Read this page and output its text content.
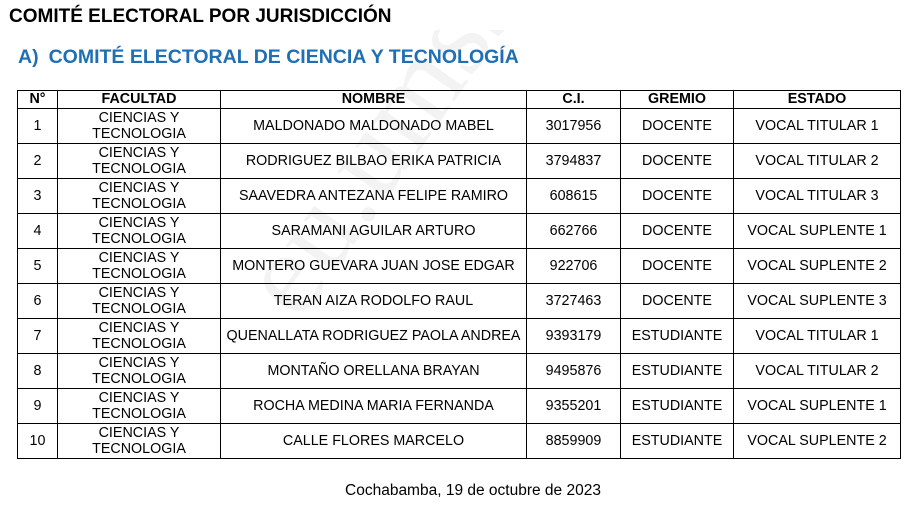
COMITÉ ELECTORAL POR JURISDICCIÓN
A) COMITÉ ELECTORAL DE CIENCIA Y TECNOLOGÍA
N°	FACULTAD	NOMBRE	C.I.	GREMIO	ESTADO
1	CIENCIAS Y TECNOLOGIA	MALDONADO MALDONADO MABEL	3017956	DOCENTE	VOCAL TITULAR 1
2	CIENCIAS Y TECNOLOGIA	RODRIGUEZ BILBAO ERIKA PATRICIA	3794837	DOCENTE	VOCAL TITULAR 2
3	CIENCIAS Y TECNOLOGIA	SAAVEDRA ANTEZANA FELIPE RAMIRO	608615	DOCENTE	VOCAL TITULAR 3
4	CIENCIAS Y TECNOLOGIA	SARAMANI AGUILAR ARTURO	662766	DOCENTE	VOCAL SUPLENTE 1
5	CIENCIAS Y TECNOLOGIA	MONTERO GUEVARA JUAN JOSE EDGAR	922706	DOCENTE	VOCAL SUPLENTE 2
6	CIENCIAS Y TECNOLOGIA	TERAN AIZA RODOLFO RAUL	3727463	DOCENTE	VOCAL SUPLENTE 3
7	CIENCIAS Y TECNOLOGIA	QUENALLATA RODRIGUEZ PAOLA ANDREA	9393179	ESTUDIANTE	VOCAL TITULAR 1
8	CIENCIAS Y TECNOLOGIA	MONTAÑO ORELLANA BRAYAN	9495876	ESTUDIANTE	VOCAL TITULAR 2
9	CIENCIAS Y TECNOLOGIA	ROCHA MEDINA MARIA FERNANDA	9355201	ESTUDIANTE	VOCAL SUPLENTE 1
10	CIENCIAS Y TECNOLOGIA	CALLE FLORES MARCELO	8859909	ESTUDIANTE	VOCAL SUPLENTE 2
Cochabamba, 19 de octubre de 2023
